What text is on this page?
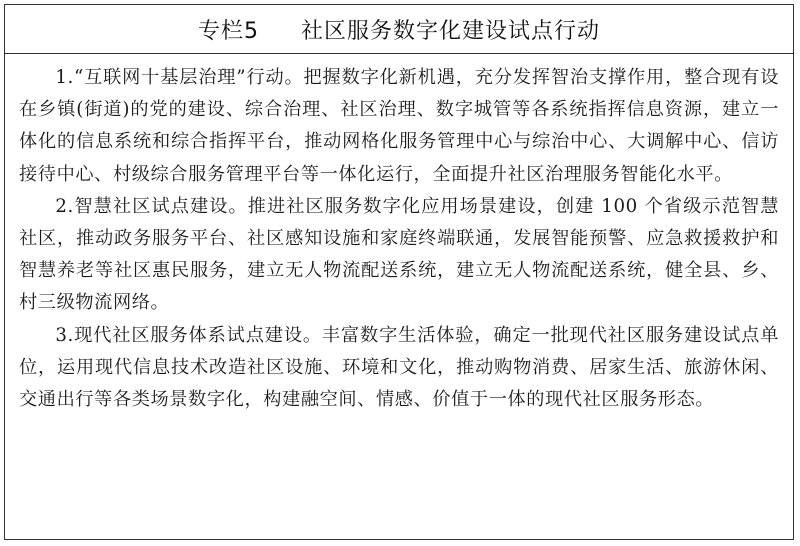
专栏5 社区服务数字化建设试点行动

1.“互联网十基层治理”行动。把握数字化新机遇，充分发挥智治支撑作用，整合现有设在乡镇(街道)的党的建设、综合治理、社区治理、数字城管等各系统指挥信息资源，建立一体化的信息系统和综合指挥平台，推动网格化服务管理中心与综治中心、大调解中心、信访接待中心、村级综合服务管理平台等一体化运行，全面提升社区治理服务智能化水平。

2.智慧社区试点建设。推进社区服务数字化应用场景建设，创建 100 个省级示范智慧社区，推动政务服务平台、社区感知设施和家庭终端联通，发展智能预警、应急救援救护和智慧养老等社区惠民服务，建立无人物流配送系统，建立无人物流配送系统，健全县、乡、村三级物流网络。

3.现代社区服务体系试点建设。丰富数字生活体验，确定一批现代社区服务建设试点单位，运用现代信息技术改造社区设施、环境和文化，推动购物消费、居家生活、旅游休闲、交通出行等各类场景数字化，构建融空间、情感、价值于一体的现代社区服务形态。
